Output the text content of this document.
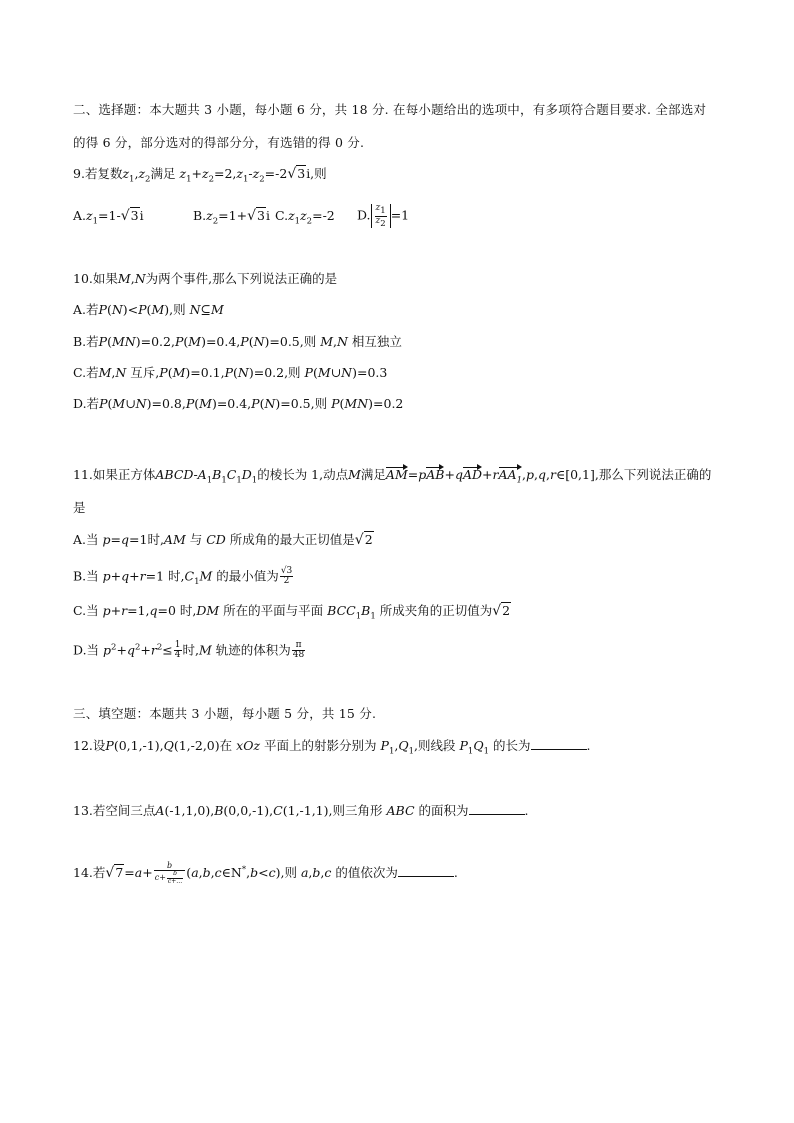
二、选择题：本大题共 3 小题，每小题 6 分，共 18 分. 在每小题给出的选项中，有多项符合题目要求. 全部选对
的得 6 分，部分选对的得部分分，有选错的得 0 分.
9.若复数$z_1,z_2$满足 $z_1+z_2=2,z_1-z_2=-2√3i$,则
$A.z_1=1-√3i$	$B.z_2=1+√3i$ $C.z_1z_2=-2$ D. $\frac{z_1}{z_2} =1$
10.如果M,N为两个事件,那么下列说法正确的是
A.若P(N)<P(M),则 N⊆M
B.若P(MN)=0.2,P(M)=0.4,P(N)=0.5,则 M,N 相互独立
C.若M,N 互斥,P(M)=0.1,P(N)=0.2,则 P(M∪N)=0.3
D.若P(M∪N)=0.8,P(M)=0.4,P(N)=0.5,则 P(MN)=0.2
11.如果正方体ABCD-$A_1B_1C_1D_1$的棱长为 1,动点M满足AM=pAB+qAD+rAA$_1$,p,q,r∈[0,1],那么下列说法正确的
是
A.当 p=q=1时,AM 与 CD 所成角的最大正切值是√2
B.当 p+q+r=1 时$,C_1M$ 的最小值为 $\frac{√3}{2}$
C.当 p+r=1,q=0 时,DM 所在的平面与平面 $BCC_1B_1$ 所成夹角的正切值为√2
D.当 $p^2+q^2+r^2\le \frac{1}{4}$ 时,M 轨迹的体积为 $\frac{\pi}{48}$
三、填空题：本题共 3 小题，每小题 5 分，共 15 分.
12.设P(0,1,-1),Q(1,-2,0)在 xOz 平面上的射影分别为 $P_1,Q_1$,则线段 $P_1Q_1$ 的长为	.
13.若空间三点A(-1,1,0),B(0,0,-1),C(1,-1,1),则三角形 ABC 的面积为	.
14.若$√7=a+ \frac{b}{c+ \frac{b}{c+\dots}}$ (a,b,c∈N*,b<c),则 a,b,c 的值依次为	.
